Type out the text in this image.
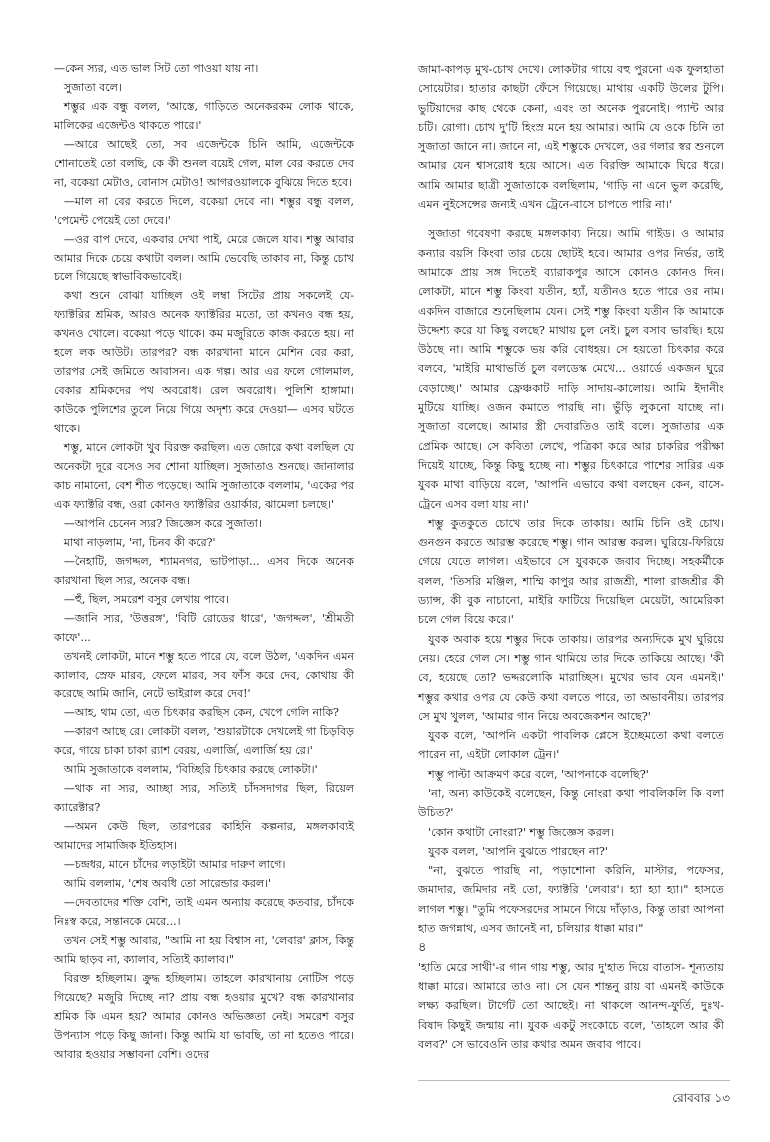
—কেন স্যর, এত ভাল সিট তো পাওয়া যায় না।

সুজাতা বলে।

শম্ভুর এক বন্ধু বলল, 'আস্তে, গাড়িতে অনেকরকম লোক থাকে, মালিকের এজেন্টও থাকতে পারে।'

—আরে আছেই তো, সব এজেন্টকে চিনি আমি, এজেন্টকে শোনাতেই তো বলছি, কে কী শুনল বয়েই গেল, মাল বের করতে দেব না, বকেয়া মেটাও, বোনাস মেটাও! আগরওয়ালকে বুঝিয়ে দিতে হবে।

—মাল না বের করতে দিলে, বকেয়া দেবে না। শম্ভুর বন্ধু বলল, 'পেমেন্ট পেয়েই তো দেবে।'

—ওর বাপ দেবে, একবার দেখা পাই, মেরে জেলে যাব। শম্ভু আবার আমার দিকে চেয়ে কথাটা বলল। আমি ভেবেছি তাকাব না, কিন্তু চোখ চলে গিয়েছে স্বাভাবিকভাবেই।

কথা শুনে বোঝা যাচ্ছিল ওই লম্বা সিটের প্রায় সকলেই যে- ফ্যাক্টরির শ্রমিক, আরও অনেক ফ্যাক্টরির মতো, তা কখনও বন্ধ হয়, কখনও খোলে। বকেয়া পড়ে থাকে। কম মজুরিতে কাজ করতে হয়। না হলে লক আউট। তারপর? বন্ধ কারখানা মানে মেশিন বের করা, তারপর সেই জমিতে আবাসন। এক গল্প। আর এর ফলে গোলমাল, বেকার শ্রমিকদের পথ অবরোধ। রেল অবরোধ। পুলিশি হাঙ্গামা। কাউকে পুলিশের তুলে নিয়ে গিয়ে অদৃশ্য করে দেওয়া— এসব ঘটতে থাকে।

শম্ভু, মানে লোকটা খুব বিরক্ত করছিল। এত জোরে কথা বলছিল যে অনেকটা দূরে বসেও সব শোনা যাচ্ছিল। সুজাতাও শুনছে। জানালার কাচ নামানো, বেশ শীত পড়েছে। আমি সুজাতাকে বললাম, 'একের পর এক ফ্যাক্টরি বন্ধ, ওরা কোনও ফ্যাক্টরির ওয়ার্কার, ঝামেলা চলছে।'

—আপনি চেনেন স্যর? জিজ্ঞেস করে সুজাতা।

মাথা নাড়লাম, 'না, চিনব কী করে?'

—নৈহাটি, জগদ্দল, শ্যামনগর, ভাটপাড়া... এসব দিকে অনেক কারখানা ছিল স্যর, অনেক বন্ধ।

—হুঁ, ছিল, সমরেশ বসুর লেখায় পাবে।

—জানি স্যর, 'উত্তরঙ্গ', 'বিটি রোডের ধারে', 'জগদ্দল', 'শ্রীমতী কাফে'...

তখনই লোকটা, মানে শম্ভু হতে পারে যে, বলে উঠল, 'একদিন এমন ক্যালাব, স্রেফ মারব, ফেলে মারব, সব ফাঁস করে দেব, কোথায় কী করেছে আমি জানি, নেটে ভাইরাল করে দেব!'

—আহ, থাম তো, এত চিৎকার করছিস কেন, খেপে গেলি নাকি?

—কারণ আছে রে। লোকটা বলল, 'শুয়ারটাকে দেখলেই গা চিড়বিড় করে, গায়ে চাকা চাকা র‍্যাশ বেরয়, এলার্জি, এলার্জি হয় রে।'

আমি সুজাতাকে বললাম, 'বিচ্ছিরি চিৎকার করছে লোকটা।'

—থাক না স্যর, আচ্ছা স্যর, সত্যিই চাঁদসদাগর ছিল, রিয়েল ক্যারেক্টার?

—অমন কেউ ছিল, তারপরের কাহিনি কল্পনার, মঙ্গলকাব্যই আমাদের সামাজিক ইতিহাস।

—চন্দ্রধর, মানে চাঁদের লড়াইটা আমার দারুণ লাগে।

আমি বললাম, 'শেষ অবধি তো সারেন্ডার করল।'

—দেবতাদের শক্তি বেশি, তাই এমন অন্যায় করেছে কতবার, চাঁদকে নিঃস্ব করে, সন্তানকে মেরে...।

তখন সেই শম্ভু আবার, "আমি না হয় বিশ্বাস না, 'লেবার' ক্লাস, কিন্তু আমি ছাড়ব না, ক্যালাব, সত্যিই ক্যালাব।"

বিরক্ত হচ্ছিলাম। ক্রুদ্ধ হচ্ছিলাম। তাহলে কারখানায় নোটিস পড়ে গিয়েছে? মজুরি দিচ্ছে না? প্রায় বন্ধ হওয়ার মুখে? বন্ধ কারখানার শ্রমিক কি এমন হয়? আমার কোনও অভিজ্ঞতা নেই। সমরেশ বসুর উপন্যাস পড়ে কিছু জানা। কিন্তু আমি যা ভাবছি, তা না হতেও পারে। আবার হওয়ার সম্ভাবনা বেশি। ওদের

জামা-কাপড় মুখ-চোখ দেখে। লোকটার গায়ে বহু পুরনো এক ফুলহাতা সোয়েটার। হাতার কাছটা ফেঁসে গিয়েছে। মাথায় একটি উলের টুপি। ভুটিয়াদের কাছ থেকে কেনা, এবং তা অনেক পুরনোই। প্যান্ট আর চটি। রোগা। চোখ দু'টি হিংস্র মনে হয় আমার। আমি যে ওকে চিনি তা সুজাতা জানে না। জানে না, এই শম্ভুকে দেখলে, ওর গলার স্বর শুনলে আমার যেন শ্বাসরোধ হয়ে আসে। এত বিরক্তি আমাকে ঘিরে ধরে। আমি আমার ছাত্রী সুজাতাকে বলছিলাম, 'গাড়ি না এনে ভুল করেছি, এমন নুইসেন্সের জন্যই এখন ট্রেনে-বাসে চাপতে পারি না।'

সুজাতা গবেষণা করছে মঙ্গলকাব্য নিয়ে। আমি গাইড। ও আমার কন্যার বয়সি কিংবা তার চেয়ে ছোটই হবে। আমার ওপর নির্ভর, তাই আমাকে প্রায় সঙ্গ দিতেই ব্যারাকপুর আসে কোনও কোনও দিন। লোকটা, মানে শম্ভু কিংবা যতীন, হ্যাঁ, যতীনও হতে পারে ওর নাম। একদিন বাজারে শুনেছিলাম যেন। সেই শম্ভু কিংবা যতীন কি আমাকে উদ্দেশ্য করে যা কিছু বলছে? মাথায় চুল নেই। চুল বসাব ভাবছি। হয়ে উঠছে না। আমি শম্ভুকে ভয় করি বোধহয়। সে হয়তো চিৎকার করে বলবে, 'মাইরি মাথাভর্তি চুল বলডেস্ক মেখে... ওয়ার্ডে একজন ঘুরে বেড়াচ্ছে।' আমার ফ্রেঞ্চকাট দাড়ি সাদায়-কালোয়। আমি ইদানীং মুটিয়ে যাচ্ছি। ওজন কমাতে পারছি না। ভুঁড়ি লুকনো যাচ্ছে না। সুজাতা বলেছে। আমার স্ত্রী দেবারতিও তাই বলে। সুজাতার এক প্রেমিক আছে। সে কবিতা লেখে, পত্রিকা করে আর চাকরির পরীক্ষা দিয়েই যাচ্ছে, কিন্তু কিছু হচ্ছে না। শম্ভুর চিৎকারে পাশের সারির এক যুবক মাথা বাড়িয়ে বলে, 'আপনি এভাবে কথা বলছেন কেন, বাসে-ট্রেনে এসব বলা যায় না।'

শম্ভু কুতকুতে চোখে তার দিকে তাকায়। আমি চিনি ওই চোখ। গুনগুন করতে আরম্ভ করেছে শম্ভু। গান আরম্ভ করল। ঘুরিয়ে-ফিরিয়ে গেয়ে যেতে লাগল। এইভাবে সে যুবককে জবাব দিচ্ছে। সহকর্মীকে বলল, 'তিসরি মঞ্জিল, শাম্মি কাপুর আর রাজশ্রী, শালা রাজশ্রীর কী ড্যান্স, কী বুক নাচানো, মাইরি ফাটিয়ে দিয়েছিল মেয়েটা, আমেরিকা চলে গেল বিয়ে করে।'

যুবক অবাক হয়ে শম্ভুর দিকে তাকায়। তারপর অন্যদিকে মুখ ঘুরিয়ে নেয়। হেরে গেল সে। শম্ভু গান থামিয়ে তার দিকে তাকিয়ে আছে। 'কী বে, হয়েছে তো? ভদ্দরলোকি মারাচ্ছিস। মুখের ভাব যেন এমনই।' শম্ভুর কথার ওপর যে কেউ কথা বলতে পারে, তা অভাবনীয়। তারপর সে মুখ খুলল, 'আমার গান নিয়ে অবজেকশন আছে?'

যুবক বলে, 'আপনি একটা পাবলিক প্লেসে ইচ্ছেমতো কথা বলতে পারেন না, এইটা লোকাল ট্রেন।'

শম্ভু পাল্টা আক্রমণ করে বলে, 'আপনাকে বলেছি?'

'না, অন্য কাউকেই বলেছেন, কিন্তু নোংরা কথা পাবলিকলি কি বলা উচিত?'

'কোন কথাটা নোংরা?' শম্ভু জিজ্ঞেস করল।

যুবক বলল, 'আপনি বুঝতে পারছেন না?'

"না, বুঝতে পারছি না, পড়াশোনা করিনি, মাস্টার, পফেসর, জমাদার, জমিদার নই তো, ফ্যাক্টরি 'লেবার'। হ্যা হ্যা হ্যা।" হাসতে লাগল শম্ভু। "তুমি পফেসরদের সামনে গিয়ে দাঁড়াও, কিন্তু তারা আপনা হাত জগন্নাথ, এসব জানেই না, চলিয়ার ধাক্কা মার।"

৪

'হাতি মেরে সাথী'-র গান গায় শম্ভু, আর দু'হাত দিয়ে বাতাস- শূন্যতায় ধাক্কা মারে। আমারে তাও না। সে যেন শান্তনু রায় বা এমনই কাউকে লক্ষ্য করছিল। টার্গেট তো আছেই। না থাকলে আনন্দ-ফুর্তি, দুঃখ-বিষাদ কিছুই জন্মায় না। যুবক একটু সংকোচে বলে, 'তাহলে আর কী বলব?' সে ভাবেওনি তার কথার অমন জবাব পাবে।

রোববার ১৩
